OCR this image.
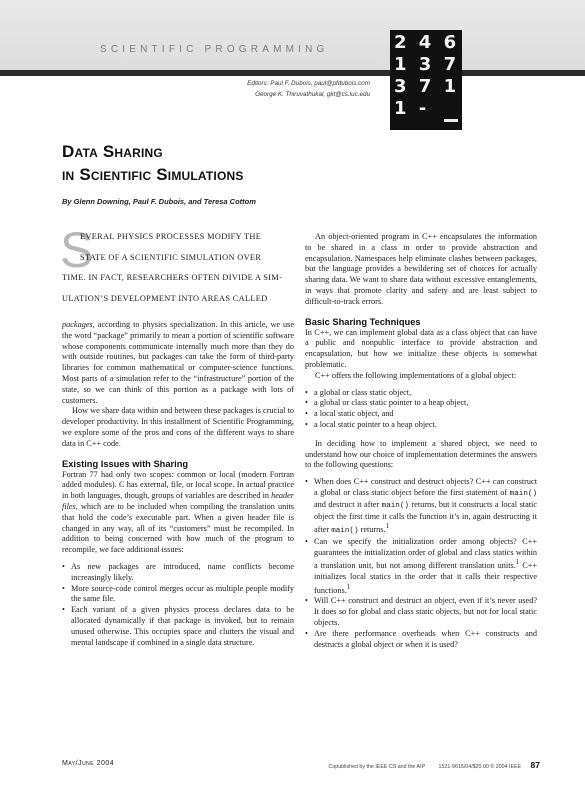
SCIENTIFIC PROGRAMMING
Editors: Paul F. Dubois, paul@pfdubois.com
George K. Thiruvathukal, gkt@cs.luc.edu
2 4 6 1 3 7 3 7 1 1 -
Data Sharing
in Scientific Simulations
By Glenn Downing, Paul F. Dubois, and Teresa Cottom
S
EVERAL PHYSICS PROCESSES MODIFY THE
STATE OF A SCIENTIFIC SIMULATION OVER
TIME. IN FACT, RESEARCHERS OFTEN DIVIDE A SIM-
ULATION’S DEVELOPMENT INTO AREAS CALLED

packages, according to physics specialization. In this article, we use the word “package” primarily to mean a portion of scientific software whose components communicate internally much more than they do with outside routines, but packages can take the form of third-party libraries for common mathematical or computer-science functions. Most parts of a simulation refer to the “infrastructure” portion of the state, so we can think of this portion as a package with lots of customers.

How we share data within and between these packages is crucial to developer productivity. In this installment of Scientific Programming, we explore some of the pros and cons of the different ways to share data in C++ code.

Existing Issues with Sharing

Fortran 77 had only two scopes: common or local (modern Fortran added modules). C has external, file, or local scope. In actual practice in both languages, though, groups of variables are described in header files, which are to be included when compiling the translation units that hold the code’s executable part. When a given header file is changed in any way, all of its “customers” must be recompiled. In addition to being concerned with how much of the program to recompile, we face additional issues:

• As new packages are introduced, name conflicts become increasingly likely.
• More source-code control merges occur as multiple people modify the same file.
• Each variant of a given physics process declares data to be allocated dynamically if that package is invoked, but to remain unused otherwise. This occupies space and clutters the visual and mental landscape if combined in a single data structure.

An object-oriented program in C++ encapsulates the information to be shared in a class in order to provide abstraction and encapsulation. Namespaces help eliminate clashes between packages, but the language provides a bewildering set of choices for actually sharing data. We want to share data without excessive entanglements, in ways that promote clarity and safety and are least subject to difficult-to-track errors.

Basic Sharing Techniques

In C++, we can implement global data as a class object that can have a public and nonpublic interface to provide abstraction and encapsulation, but how we initialize these objects is somewhat problematic.

C++ offers the following implementations of a global object:

• a global or class static object,
• a global or class static pointer to a heap object,
• a local static object, and
• a local static pointer to a heap object.

In deciding how to implement a shared object, we need to understand how our choice of implementation determines the answers to the following questions:

• When does C++ construct and destruct objects? C++ can construct a global or class static object before the first statement of main() and destruct it after main() returns, but it constructs a local static object the first time it calls the function it’s in, again destructing it after main() returns.$^1$
• Can we specify the initialization order among objects? C++ guarantees the initialization order of global and class statics within a translation unit, but not among different translation units.$^1$ C++ initializes local statics in the order that it calls their respective functions.$^1$
• Will C++ construct and destruct an object, even if it’s never used? It does so for global and class static objects, but not for local static objects.
• Are there performance overheads when C++ constructs and destructs a global object or when it is used?
May/June 2004	Copublished by the IEEE CS and the AIP	1521-9615/04/$20.00 © 2004 IEEE 87
